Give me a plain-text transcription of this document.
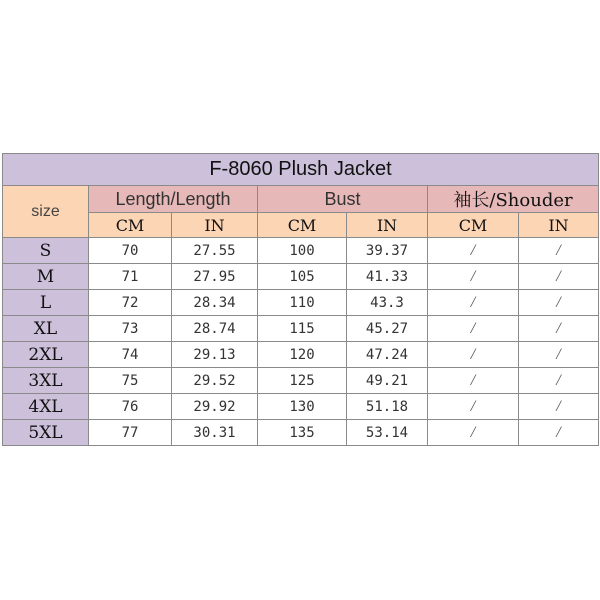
F-8060 Plush Jacket						
size	Length/Length		Bust		袖长/Shouder	
	CM	IN	CM	IN	CM	IN
S	70	27.55	100	39.37	/	/
M	71	27.95	105	41.33	/	/
L	72	28.34	110	43.3	/	/
XL	73	28.74	115	45.27	/	/
2XL	74	29.13	120	47.24	/	/
3XL	75	29.52	125	49.21	/	/
4XL	76	29.92	130	51.18	/	/
5XL	77	30.31	135	53.14	/	/
